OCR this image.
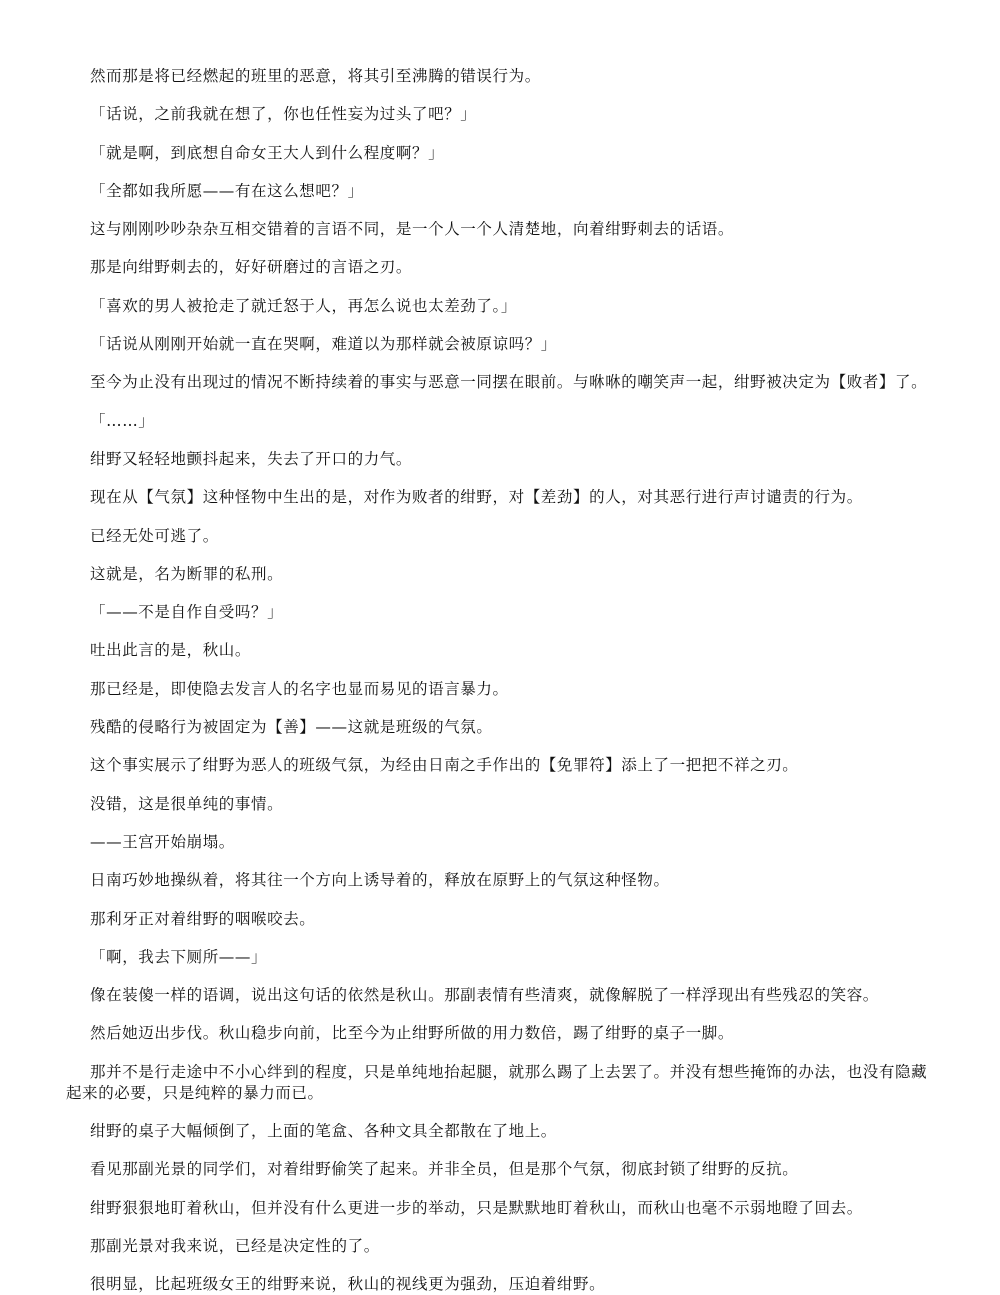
然而那是将已经燃起的班里的恶意，将其引至沸腾的错误行为。

「话说，之前我就在想了，你也任性妄为过头了吧？」

「就是啊，到底想自命女王大人到什么程度啊？」

「全都如我所愿——有在这么想吧？」

这与刚刚吵吵杂杂互相交错着的言语不同，是一个人一个人清楚地，向着绀野刺去的话语。

那是向绀野刺去的，好好研磨过的言语之刃。

「喜欢的男人被抢走了就迁怒于人，再怎么说也太差劲了。」

「话说从刚刚开始就一直在哭啊，难道以为那样就会被原谅吗？」

至今为止没有出现过的情况不断持续着的事实与恶意一同摆在眼前。与咻咻的嘲笑声一起，绀野被决定为【败者】了。

「……」

绀野又轻轻地颤抖起来，失去了开口的力气。

现在从【气氛】这种怪物中生出的是，对作为败者的绀野，对【差劲】的人，对其恶行进行声讨谴责的行为。

已经无处可逃了。

这就是，名为断罪的私刑。

「——不是自作自受吗？」

吐出此言的是，秋山。

那已经是，即使隐去发言人的名字也显而易见的语言暴力。

残酷的侵略行为被固定为【善】——这就是班级的气氛。

这个事实展示了绀野为恶人的班级气氛，为经由日南之手作出的【免罪符】添上了一把把不祥之刃。

没错，这是很单纯的事情。

——王宫开始崩塌。

日南巧妙地操纵着，将其往一个方向上诱导着的，释放在原野上的气氛这种怪物。

那利牙正对着绀野的咽喉咬去。

「啊，我去下厕所——」

像在装傻一样的语调，说出这句话的依然是秋山。那副表情有些清爽，就像解脱了一样浮现出有些残忍的笑容。

然后她迈出步伐。秋山稳步向前，比至今为止绀野所做的用力数倍，踢了绀野的桌子一脚。

那并不是行走途中不小心绊到的程度，只是单纯地抬起腿，就那么踢了上去罢了。并没有想些掩饰的办法，也没有隐藏起来的必要，只是纯粹的暴力而已。

绀野的桌子大幅倾倒了，上面的笔盒、各种文具全都散在了地上。

看见那副光景的同学们，对着绀野偷笑了起来。并非全员，但是那个气氛，彻底封锁了绀野的反抗。

绀野狠狠地盯着秋山，但并没有什么更进一步的举动，只是默默地盯着秋山，而秋山也毫不示弱地瞪了回去。

那副光景对我来说，已经是决定性的了。

很明显，比起班级女王的绀野来说，秋山的视线更为强劲，压迫着绀野。
